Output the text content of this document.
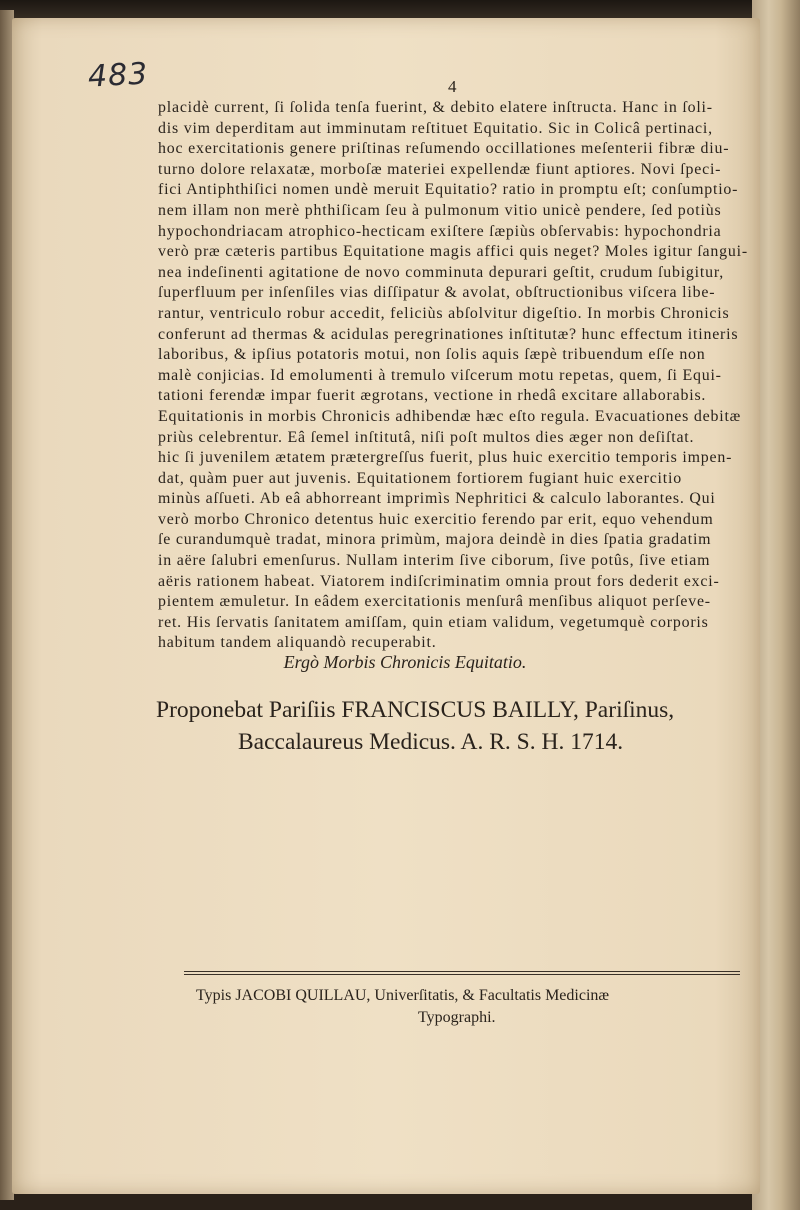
483	4
placidè current, ſi ſolida tenſa fuerint, & debito elatere inſtructa. Hanc in ſoli-
dis vim deperditam aut imminutam reſtituet Equitatio. Sic in Colicâ pertinaci,
hoc exercitationis genere priſtinas reſumendo occillationes meſenterii fibræ diu-
turno dolore relaxatæ, morboſæ materiei expellendæ fiunt aptiores. Novi ſpeci-
fici Antiphthiſici nomen undè meruit Equitatio? ratio in promptu eſt; conſumptio-
nem illam non merè phthiſicam ſeu à pulmonum vitio unicè pendere, ſed potiùs
hypochondriacam atrophico-hecticam exiſtere ſæpiùs obſervabis: hypochondria
verò præ cæteris partibus Equitatione magis affici quis neget? Moles igitur ſangui-
nea indeſinenti agitatione de novo comminuta depurari geſtit, crudum ſubigitur,
ſuperfluum per inſenſiles vias diſſipatur & avolat, obſtructionibus viſcera libe-
rantur, ventriculo robur accedit, feliciùs abſolvitur digeſtio. In morbis Chronicis
conferunt ad thermas & acidulas peregrinationes inſtitutæ? hunc effectum itineris
laboribus, & ipſius potatoris motui, non ſolis aquis ſæpè tribuendum eſſe non
malè conjicias. Id emolumenti à tremulo viſcerum motu repetas, quem, ſi Equi-
tationi ferendæ impar fuerit ægrotans, vectione in rhedâ excitare allaborabis.
Equitationis in morbis Chronicis adhibendæ hæc eſto regula. Evacuationes debitæ
priùs celebrentur. Eâ ſemel inſtitutâ, niſi poſt multos dies æger non deſiſtat.
hic ſi juvenilem ætatem prætergreſſus fuerit, plus huic exercitio temporis impen-
dat, quàm puer aut juvenis. Equitationem fortiorem fugiant huic exercitio
minùs aſſueti. Ab eâ abhorreant imprimìs Nephritici & calculo laborantes. Qui
verò morbo Chronico detentus huic exercitio ferendo par erit, equo vehendum
ſe curandumquè tradat, minora primùm, majora deindè in dies ſpatia gradatim
in aëre ſalubri emenſurus. Nullam interim ſive ciborum, ſive potûs, ſive etiam
aëris rationem habeat. Viatorem indiſcriminatim omnia prout fors dederit exci-
pientem æmuletur. In eâdem exercitationis menſurâ menſibus aliquot perſeve-
ret. His ſervatis ſanitatem amiſſam, quin etiam validum, vegetumquè corporis
habitum tandem aliquandò recuperabit.
Ergò Morbis Chronicis Equitatio.
Proponebat Pariſiis FRANCISCUS BAILLY, Pariſinus,
Baccalaureus Medicus. A. R. S. H. 1714.
Typis JACOBI QUILLAU, Univerſitatis, & Facultatis Medicinæ
Typographi.
